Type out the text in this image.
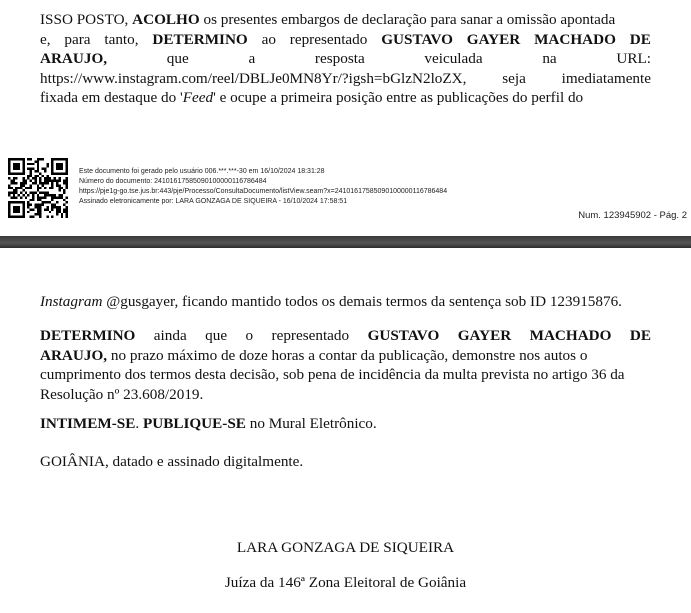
ISSO POSTO, ACOLHO os presentes embargos de declaração para sanar a omissão apontada
e, para tanto, DETERMINO ao representado GUSTAVO GAYER MACHADO DE
ARAUJO,	que	a	resposta	veiculada	na	URL:
https://www.instagram.com/reel/DBLJe0MN8Yr/?igsh=bGlzN2loZX, seja imediatamente
fixada em destaque do 'Feed' e ocupe a primeira posição entre as publicações do perfil do
Este documento foi gerado pelo usuário 006.***.***-30 em 16/10/2024 18:31:28
Número do documento: 24101617585090100000116786484
https://pje1g-go.tse.jus.br:443/pje/Processo/ConsultaDocumento/listView.seam?x=24101617585090100000116786484
Assinado eletronicamente por: LARA GONZAGA DE SIQUEIRA - 16/10/2024 17:58:51
Num. 123945902 - Pág. 2
Instagram @gusgayer, ficando mantido todos os demais termos da sentença sob ID 123915876.
DETERMINO ainda que o representado GUSTAVO GAYER MACHADO DE
ARAUJO, no prazo máximo de doze horas a contar da publicação, demonstre nos autos o
cumprimento dos termos desta decisão, sob pena de incidência da multa prevista no artigo 36 da
Resolução nº 23.608/2019.
INTIMEM-SE. PUBLIQUE-SE no Mural Eletrônico.
GOIÂNIA, datado e assinado digitalmente.
LARA GONZAGA DE SIQUEIRA
Juíza da 146ª Zona Eleitoral de Goiânia
